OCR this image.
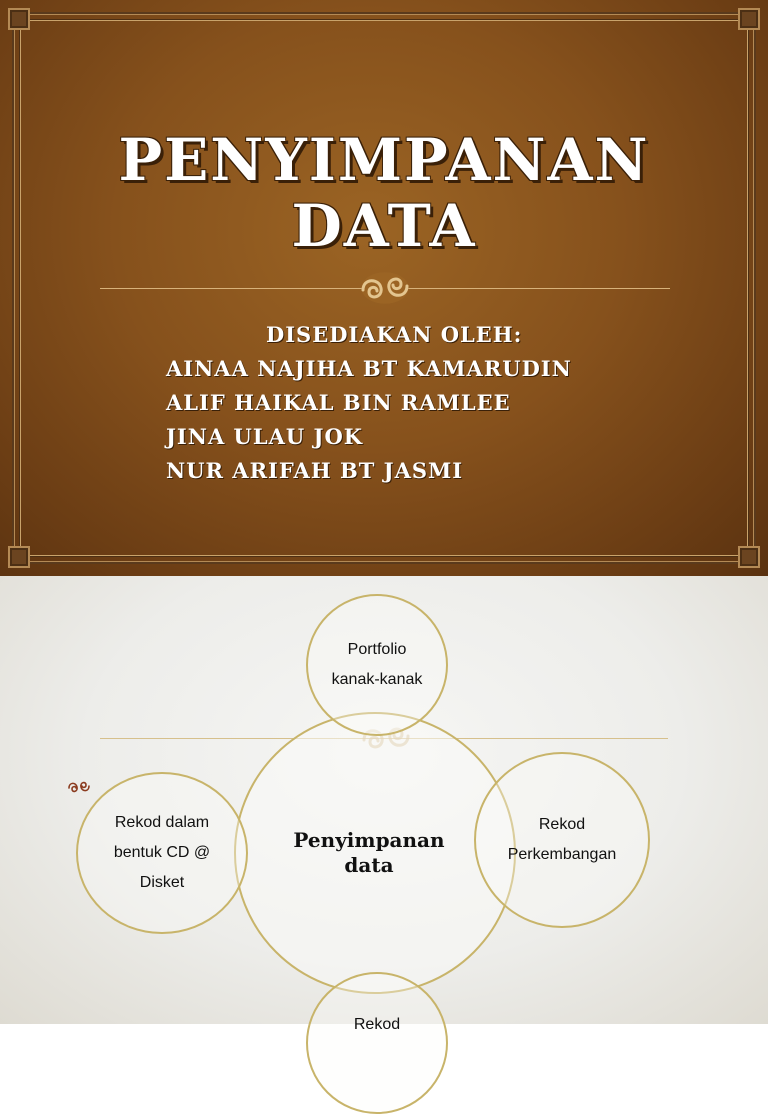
PENYIMPANAN
DATA
DISEDIAKAN OLEH:
AINAA NAJIHA BT KAMARUDIN
ALIF HAIKAL BIN RAMLEE
JINA ULAU JOK
NUR ARIFAH BT JASMI
Penyimpanan data
Portfolio kanak-kanak
Rekod dalam bentuk CD @ Disket
Rekod Perkembangan
Rekod
